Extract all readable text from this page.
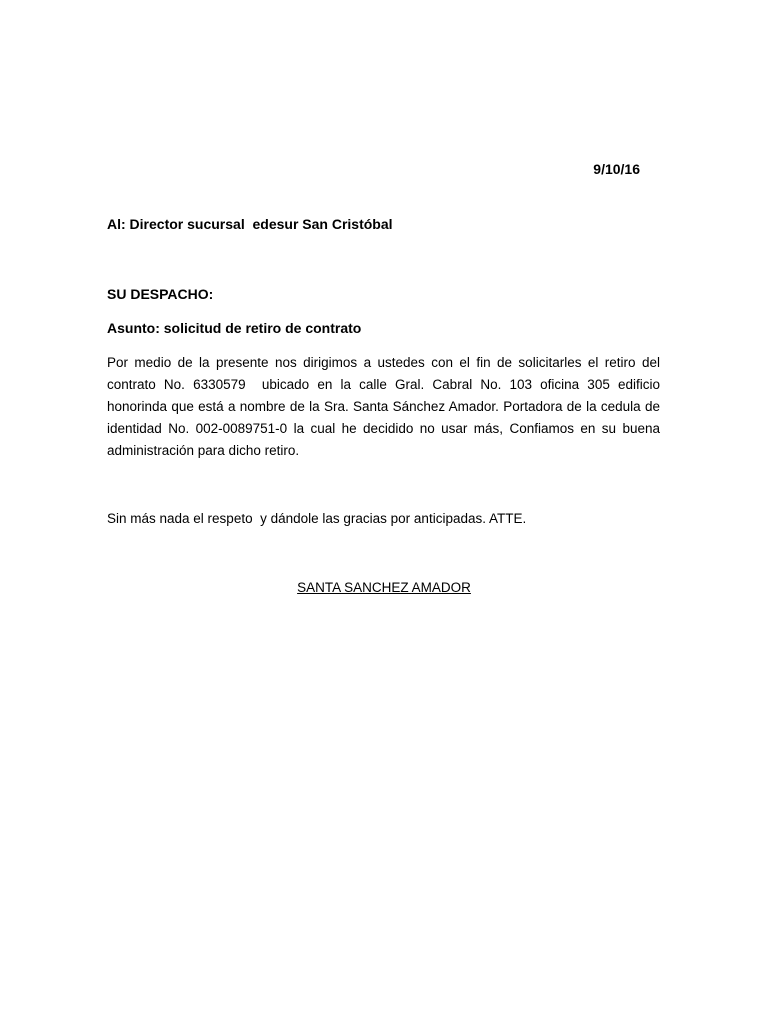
9/10/16
Al: Director sucursal  edesur San Cristóbal
SU DESPACHO:
Asunto: solicitud de retiro de contrato
Por medio de la presente nos dirigimos a ustedes con el fin de solicitarles el retiro del contrato No. 6330579  ubicado en la calle Gral. Cabral No. 103 oficina 305 edificio honorinda que está a nombre de la Sra. Santa Sánchez Amador. Portadora de la cedula de identidad No. 002-0089751-0 la cual he decidido no usar más, Confiamos en su buena administración para dicho retiro.
Sin más nada el respeto  y dándole las gracias por anticipadas. ATTE.
SANTA SANCHEZ AMADOR
